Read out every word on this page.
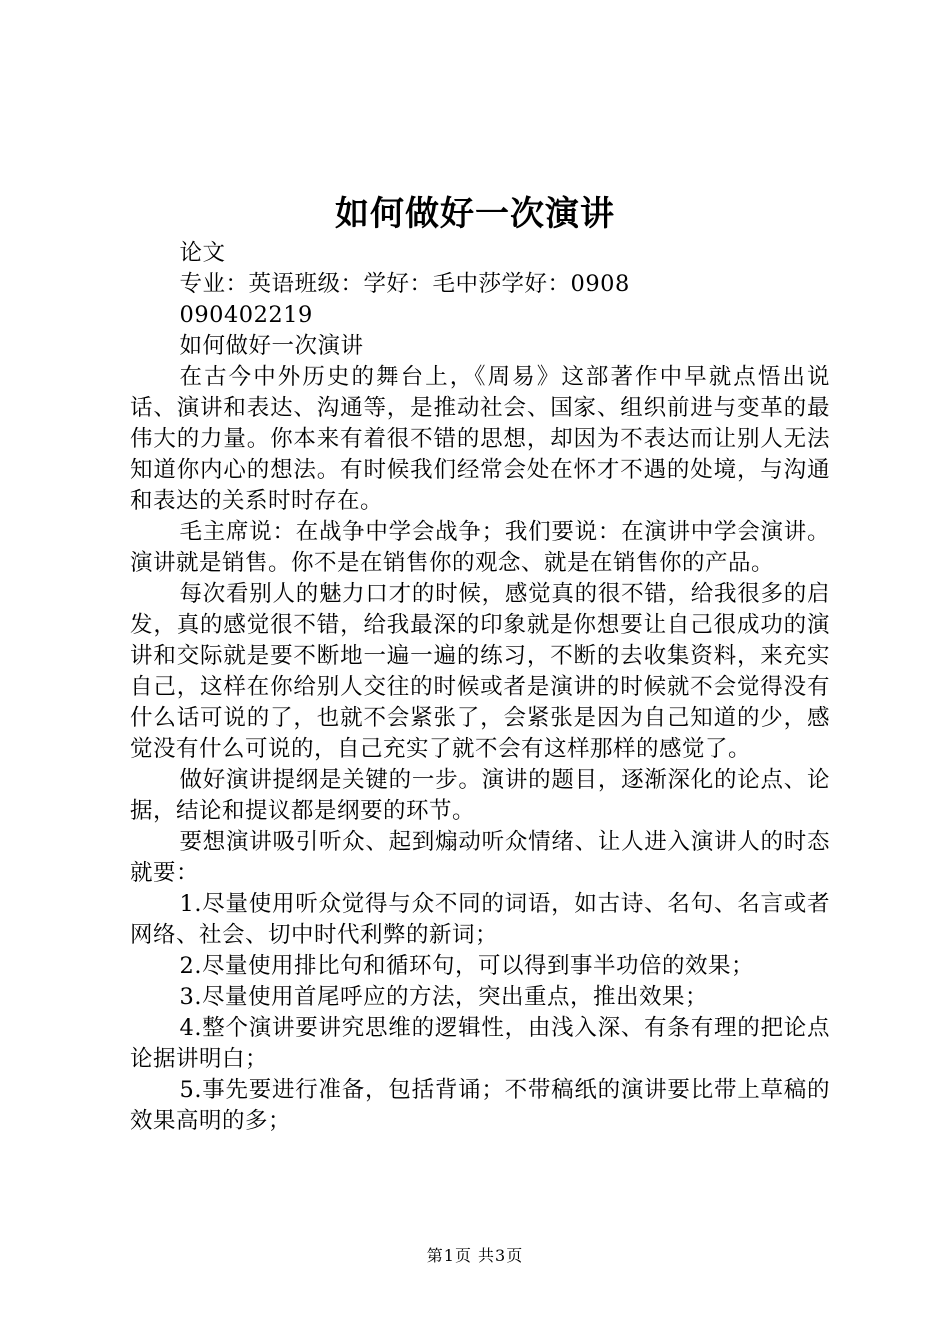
如何做好一次演讲
论文
专业：英语班级：学好：毛中莎学好：0908
090402219
如何做好一次演讲

在古今中外历史的舞台上，《周易》这部著作中早就点悟出说话、演讲和表达、沟通等，是推动社会、国家、组织前进与变革的最伟大的力量。你本来有着很不错的思想，却因为不表达而让别人无法知道你内心的想法。有时候我们经常会处在怀才不遇的处境，与沟通和表达的关系时时存在。

毛主席说：在战争中学会战争；我们要说：在演讲中学会演讲。演讲就是销售。你不是在销售你的观念、就是在销售你的产品。

每次看别人的魅力口才的时候，感觉真的很不错，给我很多的启发，真的感觉很不错，给我最深的印象就是你想要让自己很成功的演讲和交际就是要不断地一遍一遍的练习，不断的去收集资料，来充实自己，这样在你给别人交往的时候或者是演讲的时候就不会觉得没有什么话可说的了，也就不会紧张了，会紧张是因为自己知道的少，感觉没有什么可说的，自己充实了就不会有这样那样的感觉了。

做好演讲提纲是关键的一步。演讲的题目，逐渐深化的论点、论据，结论和提议都是纲要的环节。

要想演讲吸引听众、起到煽动听众情绪、让人进入演讲人的时态就要：

1.尽量使用听众觉得与众不同的词语，如古诗、名句、名言或者网络、社会、切中时代利弊的新词；

2.尽量使用排比句和循环句，可以得到事半功倍的效果；

3.尽量使用首尾呼应的方法，突出重点，推出效果；

4.整个演讲要讲究思维的逻辑性，由浅入深、有条有理的把论点论据讲明白；

5.事先要进行准备，包括背诵；不带稿纸的演讲要比带上草稿的效果高明的多；

第1页 共3页
